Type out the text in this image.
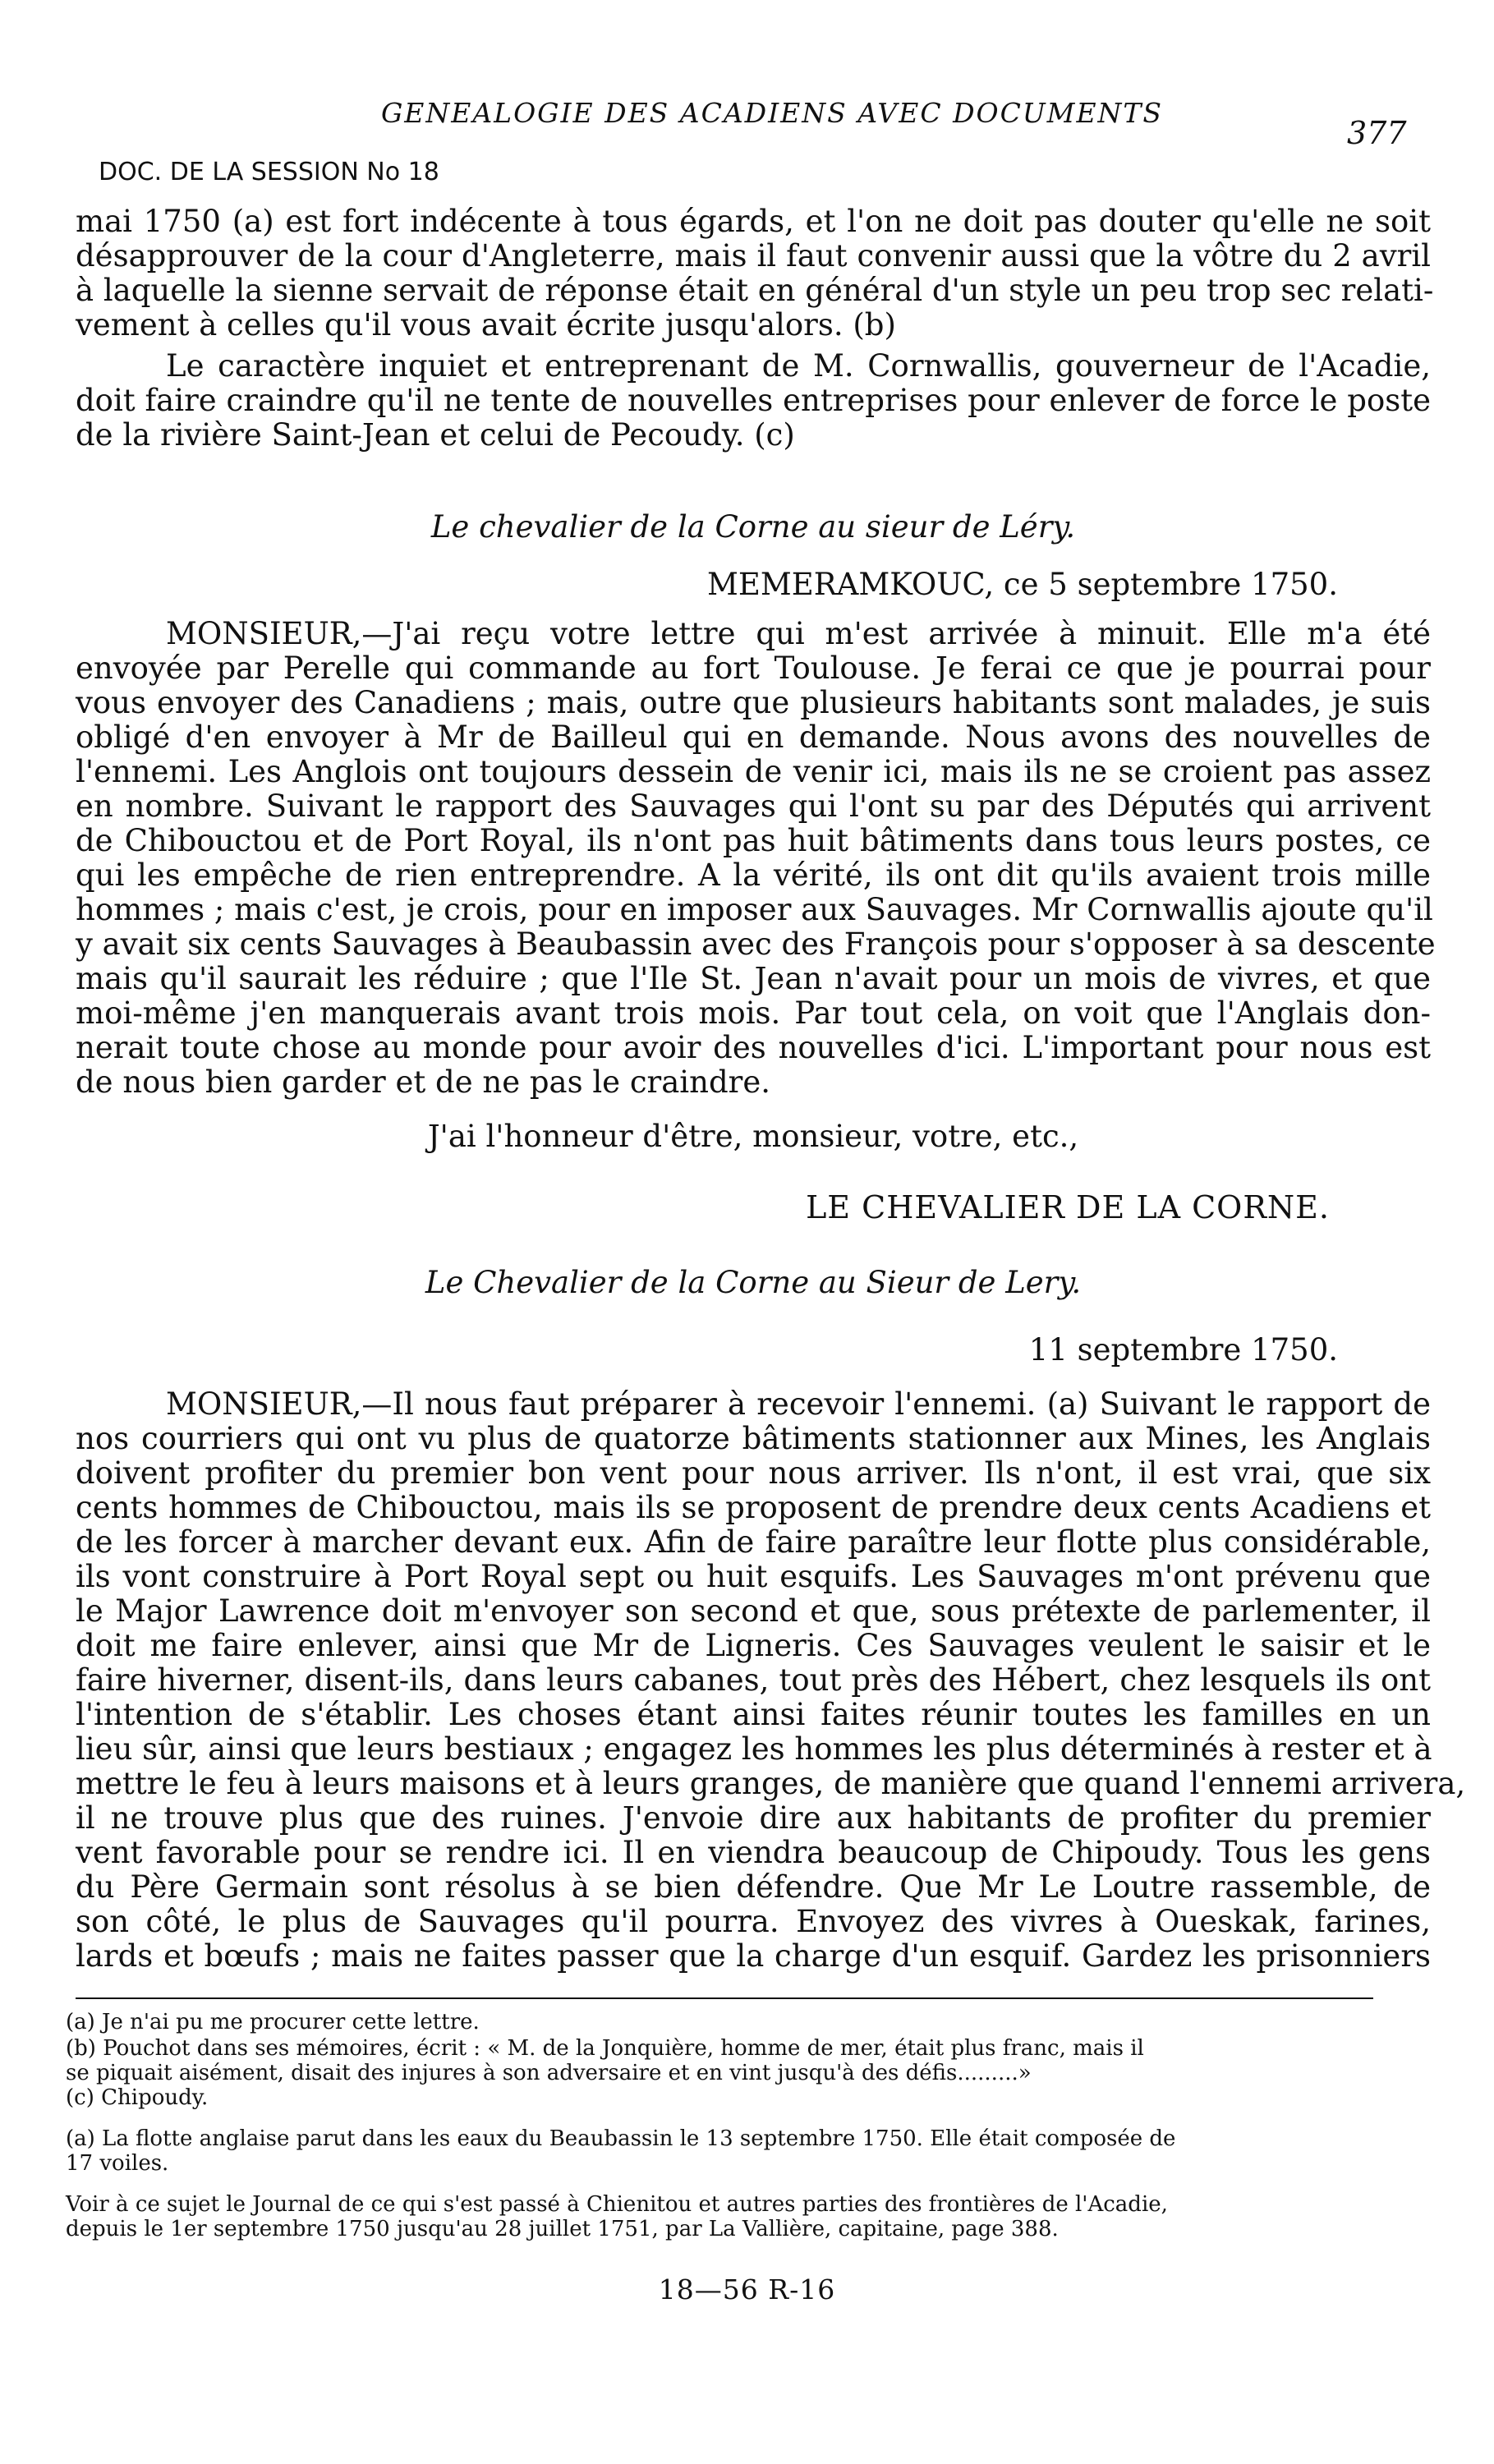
GENEALOGIE DES ACADIENS AVEC DOCUMENTS
377
DOC. DE LA SESSION No 18
mai 1750 (a) est fort indécente à tous égards, et l'on ne doit pas douter qu'elle ne soit
désapprouver de la cour d'Angleterre, mais il faut convenir aussi que la vôtre du 2 avril
à laquelle la sienne servait de réponse était en général d'un style un peu trop sec relati-
vement à celles qu'il vous avait écrite jusqu'alors. (b)
Le caractère inquiet et entreprenant de M. Cornwallis, gouverneur de l'Acadie,
doit faire craindre qu'il ne tente de nouvelles entreprises pour enlever de force le poste
de la rivière Saint-Jean et celui de Pecoudy. (c)
Le chevalier de la Corne au sieur de Léry.
MEMERAMKOUC, ce 5 septembre 1750.
MONSIEUR,—J'ai reçu votre lettre qui m'est arrivée à minuit. Elle m'a été
envoyée par Perelle qui commande au fort Toulouse. Je ferai ce que je pourrai pour
vous envoyer des Canadiens ; mais, outre que plusieurs habitants sont malades, je suis
obligé d'en envoyer à Mr de Bailleul qui en demande. Nous avons des nouvelles de
l'ennemi. Les Anglois ont toujours dessein de venir ici, mais ils ne se croient pas assez
en nombre. Suivant le rapport des Sauvages qui l'ont su par des Députés qui arrivent
de Chibouctou et de Port Royal, ils n'ont pas huit bâtiments dans tous leurs postes, ce
qui les empêche de rien entreprendre. A la vérité, ils ont dit qu'ils avaient trois mille
hommes ; mais c'est, je crois, pour en imposer aux Sauvages. Mr Cornwallis ajoute qu'il
y avait six cents Sauvages à Beaubassin avec des François pour s'opposer à sa descente
mais qu'il saurait les réduire ; que l'Ile St. Jean n'avait pour un mois de vivres, et que
moi-même j'en manquerais avant trois mois. Par tout cela, on voit que l'Anglais don-
nerait toute chose au monde pour avoir des nouvelles d'ici. L'important pour nous est
de nous bien garder et de ne pas le craindre.
J'ai l'honneur d'être, monsieur, votre, etc.,
LE CHEVALIER DE LA CORNE.
Le Chevalier de la Corne au Sieur de Lery.
11 septembre 1750.
MONSIEUR,—Il nous faut préparer à recevoir l'ennemi. (a) Suivant le rapport de
nos courriers qui ont vu plus de quatorze bâtiments stationner aux Mines, les Anglais
doivent profiter du premier bon vent pour nous arriver. Ils n'ont, il est vrai, que six
cents hommes de Chibouctou, mais ils se proposent de prendre deux cents Acadiens et
de les forcer à marcher devant eux. Afin de faire paraître leur flotte plus considérable,
ils vont construire à Port Royal sept ou huit esquifs. Les Sauvages m'ont prévenu que
le Major Lawrence doit m'envoyer son second et que, sous prétexte de parlementer, il
doit me faire enlever, ainsi que Mr de Ligneris. Ces Sauvages veulent le saisir et le
faire hiverner, disent-ils, dans leurs cabanes, tout près des Hébert, chez lesquels ils ont
l'intention de s'établir. Les choses étant ainsi faites réunir toutes les familles en un
lieu sûr, ainsi que leurs bestiaux ; engagez les hommes les plus déterminés à rester et à
mettre le feu à leurs maisons et à leurs granges, de manière que quand l'ennemi arrivera,
il ne trouve plus que des ruines. J'envoie dire aux habitants de profiter du premier
vent favorable pour se rendre ici. Il en viendra beaucoup de Chipoudy. Tous les gens
du Père Germain sont résolus à se bien défendre. Que Mr Le Loutre rassemble, de
son côté, le plus de Sauvages qu'il pourra. Envoyez des vivres à Oueskak, farines,
lards et bœufs ; mais ne faites passer que la charge d'un esquif. Gardez les prisonniers
(a) Je n'ai pu me procurer cette lettre.
(b) Pouchot dans ses mémoires, écrit : « M. de la Jonquière, homme de mer, était plus franc, mais il
se piquait aisément, disait des injures à son adversaire et en vint jusqu'à des défis.........»
(c) Chipoudy.
(a) La flotte anglaise parut dans les eaux du Beaubassin le 13 septembre 1750. Elle était composée de
17 voiles.
Voir à ce sujet le Journal de ce qui s'est passé à Chienitou et autres parties des frontières de l'Acadie,
depuis le 1er septembre 1750 jusqu'au 28 juillet 1751, par La Vallière, capitaine, page 388.
18—56 R-16
